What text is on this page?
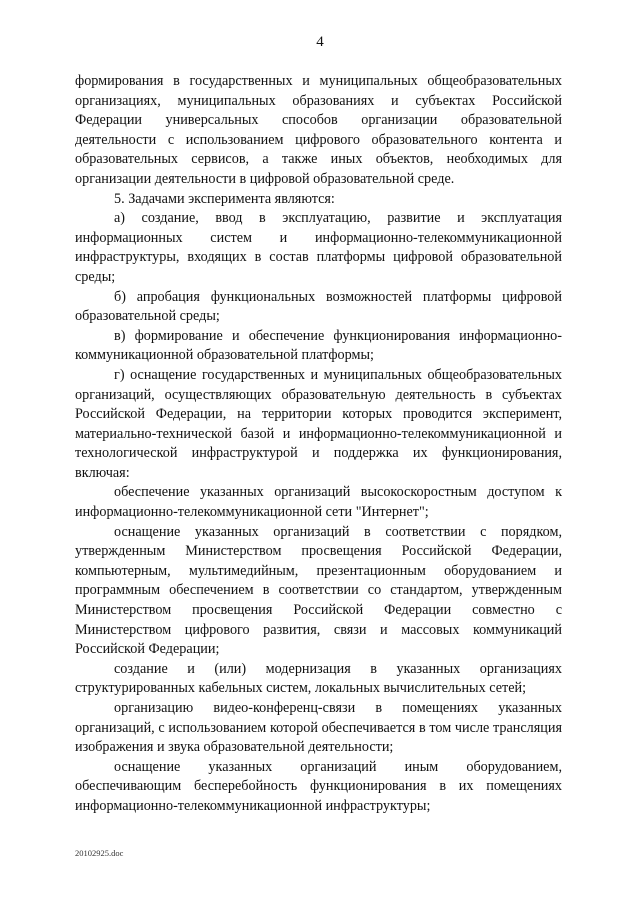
4

формирования в государственных и муниципальных общеобразовательных организациях, муниципальных образованиях и субъектах Российской Федерации универсальных способов организации образовательной деятельности с использованием цифрового образовательного контента и образовательных сервисов, а также иных объектов, необходимых для организации деятельности в цифровой образовательной среде.

5. Задачами эксперимента являются:

а) создание, ввод в эксплуатацию, развитие и эксплуатация информационных систем и информационно-телекоммуникационной инфраструктуры, входящих в состав платформы цифровой образовательной среды;

б) апробация функциональных возможностей платформы цифровой образовательной среды;

в) формирование и обеспечение функционирования информационно-коммуникационной образовательной платформы;

г) оснащение государственных и муниципальных общеобразовательных организаций, осуществляющих образовательную деятельность в субъектах Российской Федерации, на территории которых проводится эксперимент, материально-технической базой и информационно-телекоммуникационной и технологической инфраструктурой и поддержка их функционирования, включая:

обеспечение указанных организаций высокоскоростным доступом к информационно-телекоммуникационной сети "Интернет";

оснащение указанных организаций в соответствии с порядком, утвержденным Министерством просвещения Российской Федерации, компьютерным, мультимедийным, презентационным оборудованием и программным обеспечением в соответствии со стандартом, утвержденным Министерством просвещения Российской Федерации совместно с Министерством цифрового развития, связи и массовых коммуникаций Российской Федерации;

создание и (или) модернизация в указанных организациях структурированных кабельных систем, локальных вычислительных сетей;

организацию видео-конференц-связи в помещениях указанных организаций, с использованием которой обеспечивается в том числе трансляция изображения и звука образовательной деятельности;

оснащение указанных организаций иным оборудованием, обеспечивающим бесперебойность функционирования в их помещениях информационно-телекоммуникационной инфраструктуры;

20102925.doc
